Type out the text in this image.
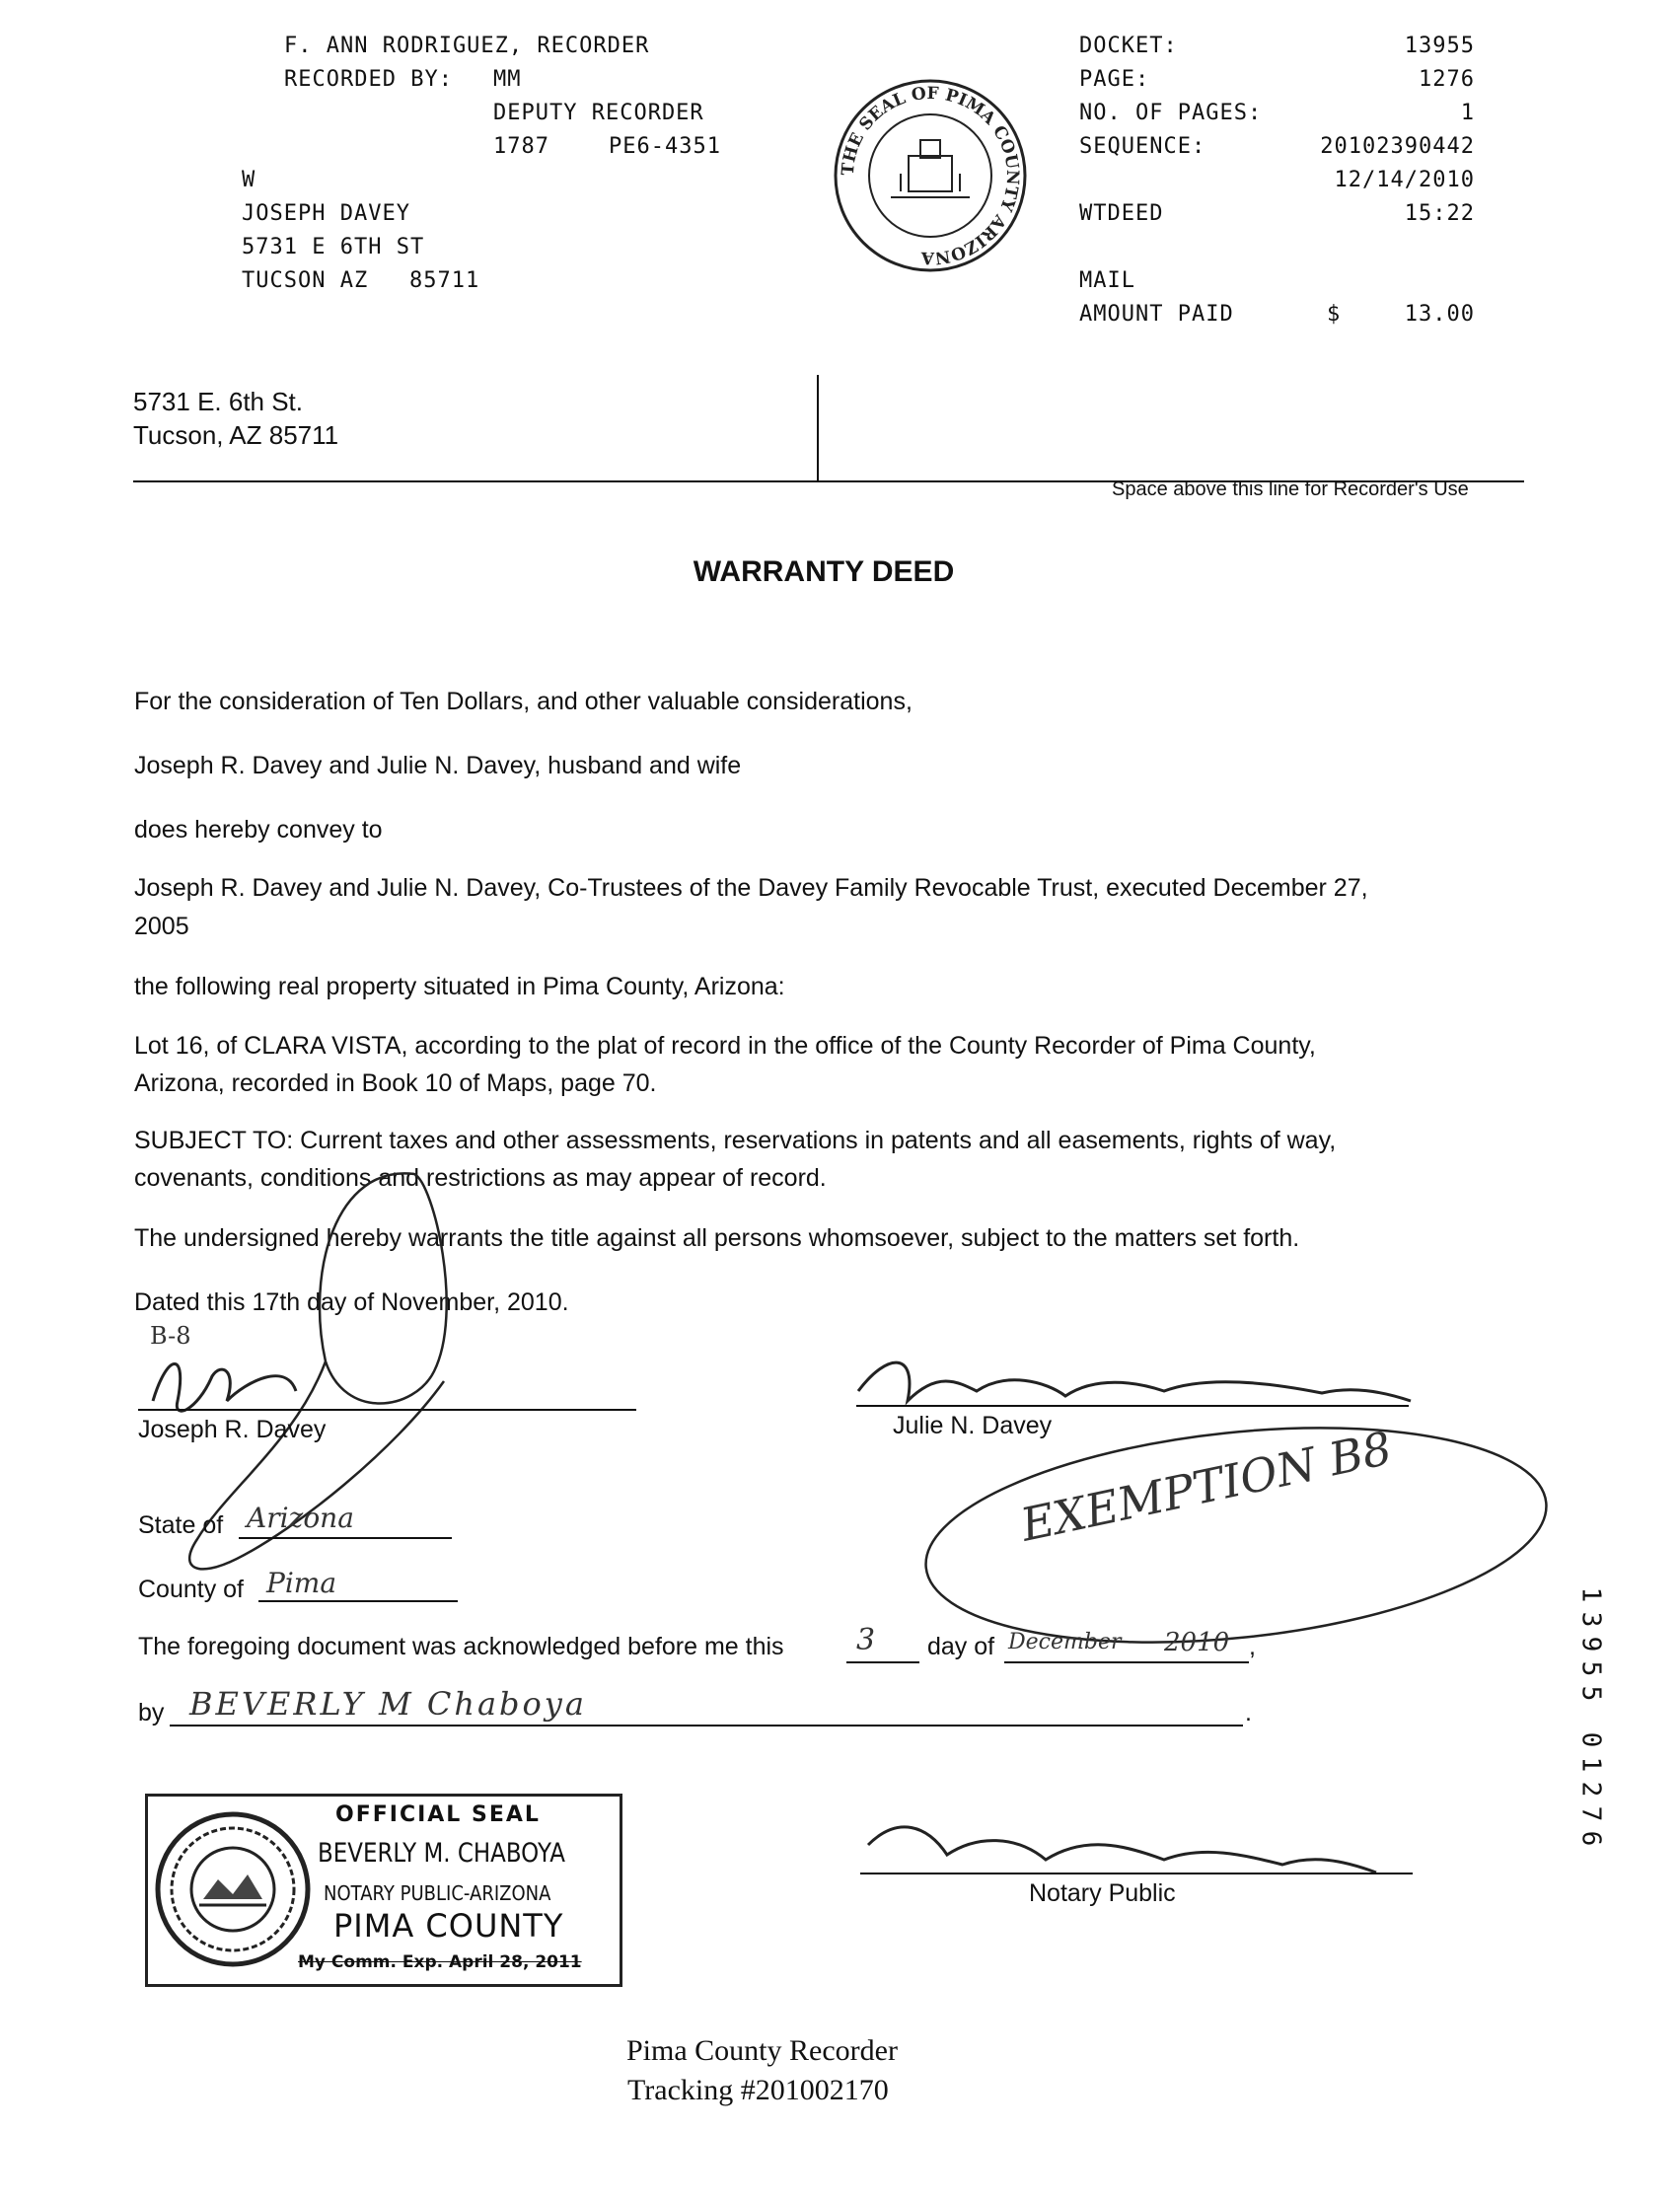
F. ANN RODRIGUEZ, RECORDER
RECORDED BY: MM
DEPUTY RECORDER
1787	PE6-4351
W
JOSEPH DAVEY
5731 E 6TH ST
TUCSON AZ 85711
THE SEAL OF PIMA COUNTY ARIZONA
DOCKET:	13955
PAGE:	1276
NO. OF PAGES:	1
SEQUENCE:	20102390442
12/14/2010
WTDEED	15:22
MAIL
AMOUNT PAID	$	13.00
5731 E. 6th St.
Tucson, AZ 85711
Space above this line for Recorder's Use
WARRANTY DEED
For the consideration of Ten Dollars, and other valuable considerations,
Joseph R. Davey and Julie N. Davey, husband and wife
does hereby convey to
Joseph R. Davey and Julie N. Davey, Co-Trustees of the Davey Family Revocable Trust, executed December 27,
2005
the following real property situated in Pima County, Arizona:
Lot 16, of CLARA VISTA, according to the plat of record in the office of the County Recorder of Pima County,
Arizona, recorded in Book 10 of Maps, page 70.
SUBJECT TO: Current taxes and other assessments, reservations in patents and all easements, rights of way,
covenants, conditions and restrictions as may appear of record.
The undersigned hereby warrants the title against all persons whomsoever, subject to the matters set forth.
Dated this 17th day of November, 2010.
B-8
Joseph R. Davey	Julie N. Davey
EXEMPTION B8
State of Arizona
County of Pima
The foregoing document was acknowledged before me this 3 day of December 2010 ,
by BEVERLY M Chaboya	.
OFFICIAL SEAL
BEVERLY M. CHABOYA
NOTARY PUBLIC-ARIZONA
PIMA COUNTY
My Comm. Exp. April 28, 2011
Notary Public
Pima County Recorder
Tracking #201002170
1
3
9
5
5
0
1
2
7
6
